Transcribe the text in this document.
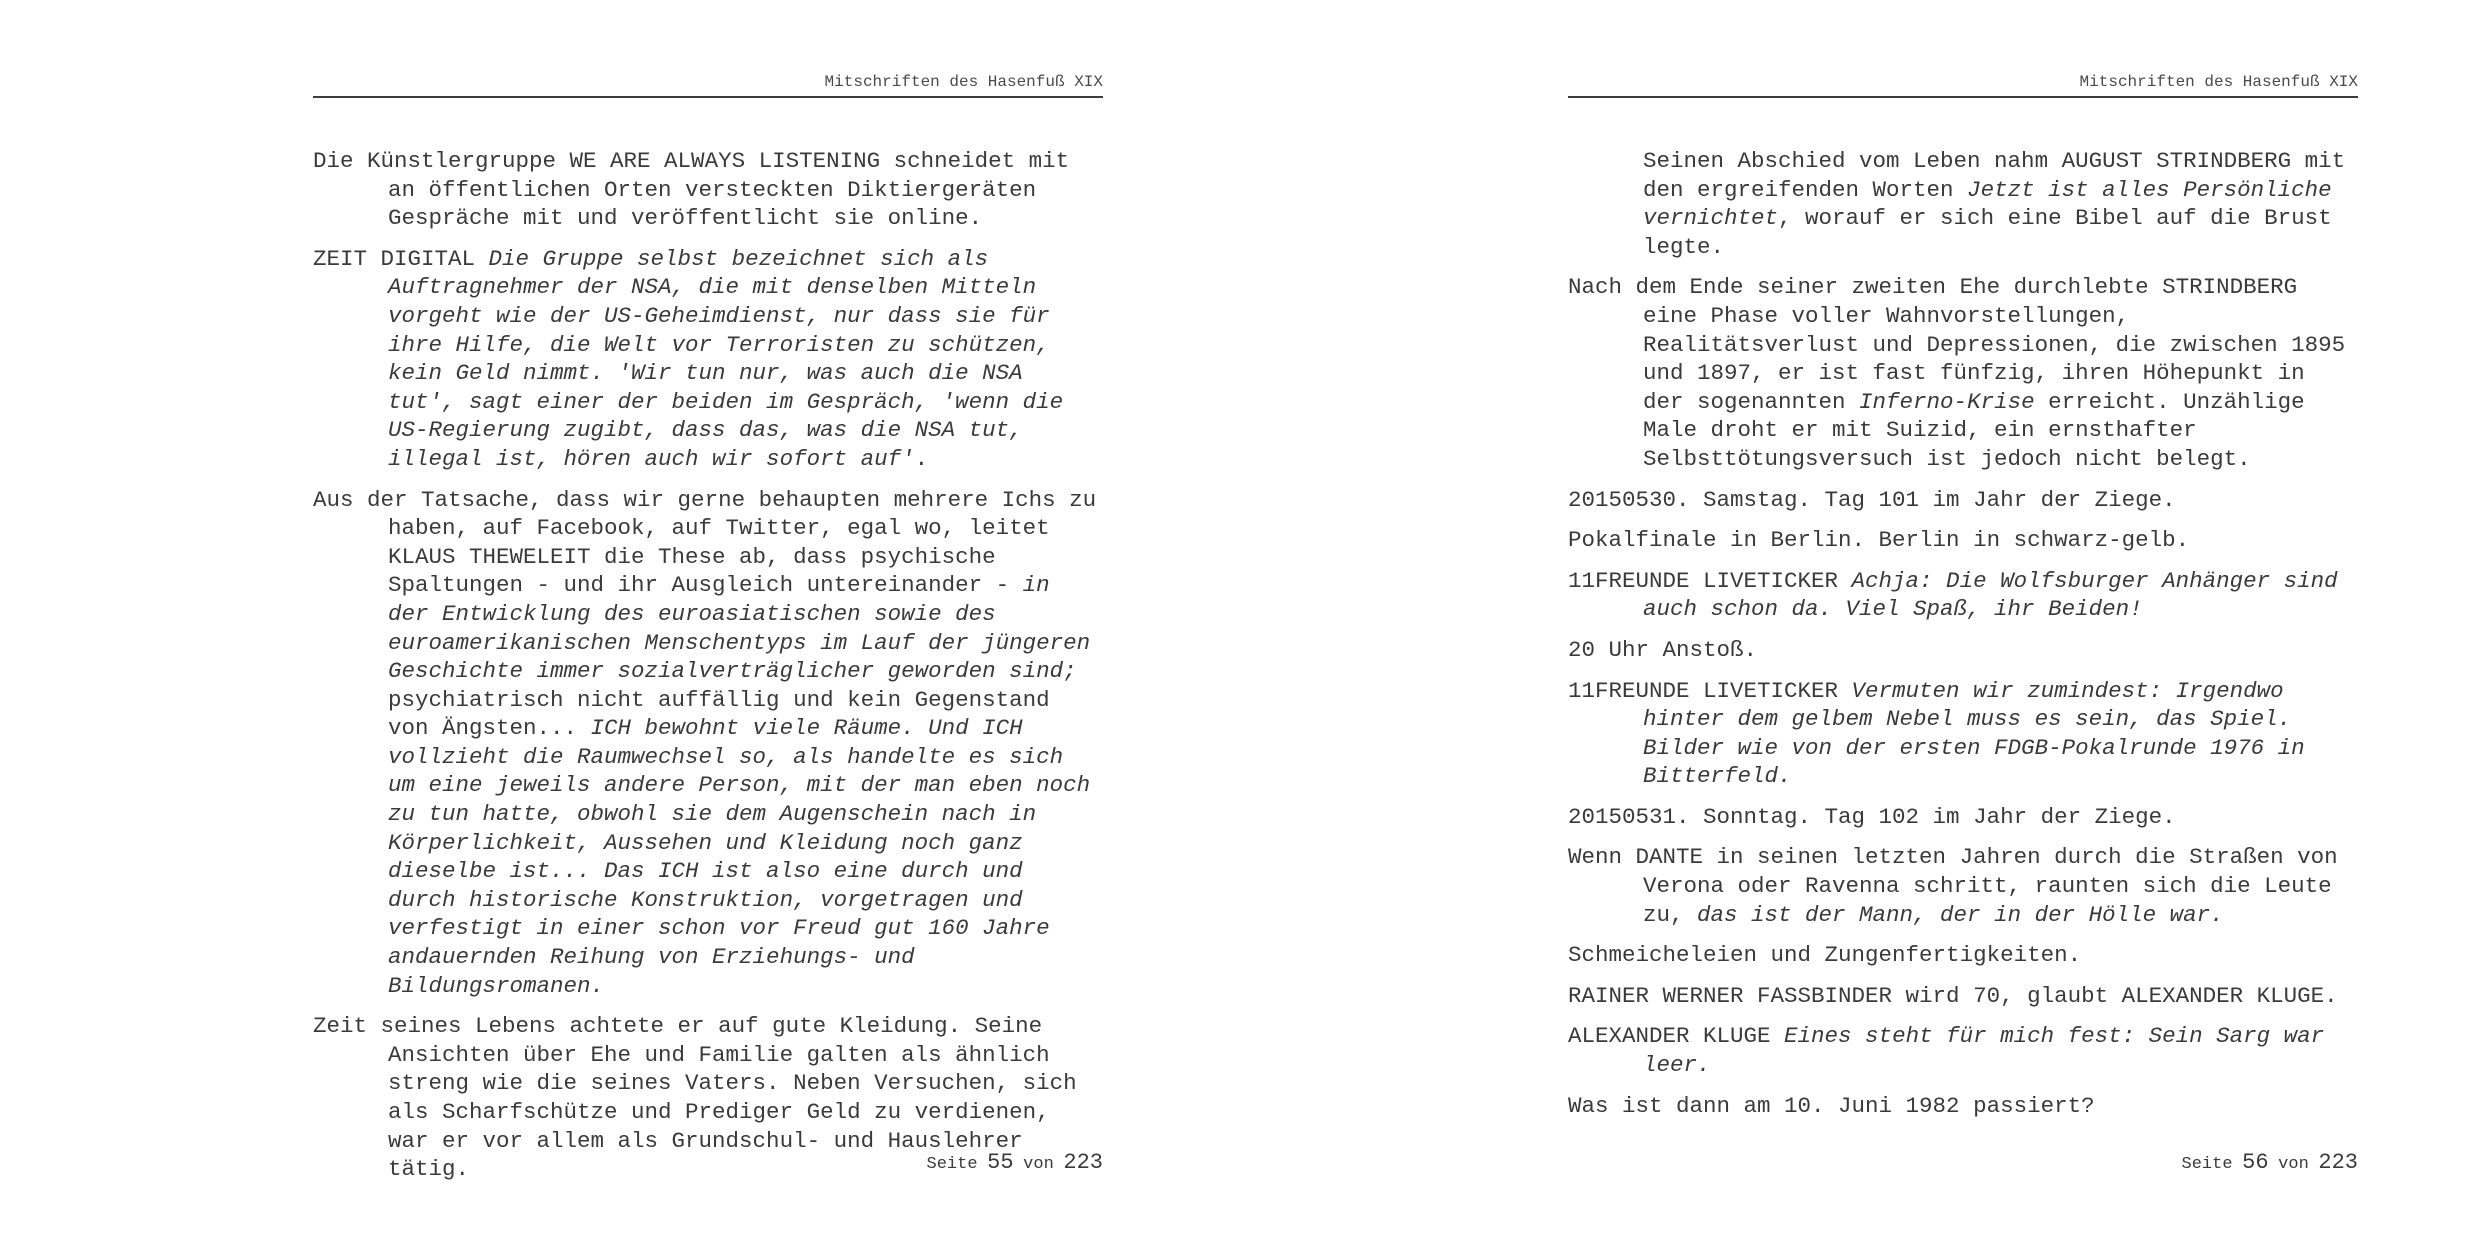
Mitschriften des Hasenfuß XIX

Die Künstlergruppe WE ARE ALWAYS LISTENING schneidet mit an öffentlichen Orten versteckten Diktiergeräten Gespräche mit und veröffentlicht sie online.

ZEIT DIGITAL Die Gruppe selbst bezeichnet sich als Auftragnehmer der NSA, die mit denselben Mitteln vorgeht wie der US-Geheimdienst, nur dass sie für ihre Hilfe, die Welt vor Terroristen zu schützen, kein Geld nimmt. 'Wir tun nur, was auch die NSA tut', sagt einer der beiden im Gespräch, 'wenn die US-Regierung zugibt, dass das, was die NSA tut, illegal ist, hören auch wir sofort auf'.

Aus der Tatsache, dass wir gerne behaupten mehrere Ichs zu haben, auf Facebook, auf Twitter, egal wo, leitet KLAUS THEWELEIT die These ab, dass psychische Spaltungen - und ihr Ausgleich untereinander - in der Entwicklung des euroasiatischen sowie des euroamerikanischen Menschentyps im Lauf der jüngeren Geschichte immer sozialverträglicher geworden sind; psychiatrisch nicht auffällig und kein Gegenstand von Ängsten... ICH bewohnt viele Räume. Und ICH vollzieht die Raumwechsel so, als handelte es sich um eine jeweils andere Person, mit der man eben noch zu tun hatte, obwohl sie dem Augenschein nach in Körperlichkeit, Aussehen und Kleidung noch ganz dieselbe ist... Das ICH ist also eine durch und durch historische Konstruktion, vorgetragen und verfestigt in einer schon vor Freud gut 160 Jahre andauernden Reihung von Erziehungs- und Bildungsromanen.

Zeit seines Lebens achtete er auf gute Kleidung. Seine Ansichten über Ehe und Familie galten als ähnlich streng wie die seines Vaters. Neben Versuchen, sich als Scharfschütze und Prediger Geld zu verdienen, war er vor allem als Grundschul- und Hauslehrer tätig.	Seite 55 von 223
Mitschriften des Hasenfuß XIX

Seinen Abschied vom Leben nahm AUGUST STRINDBERG mit den ergreifenden Worten Jetzt ist alles Persönliche vernichtet, worauf er sich eine Bibel auf die Brust legte.

Nach dem Ende seiner zweiten Ehe durchlebte STRINDBERG eine Phase voller Wahnvorstellungen, Realitätsverlust und Depressionen, die zwischen 1895 und 1897, er ist fast fünfzig, ihren Höhepunkt in der sogenannten Inferno-Krise erreicht. Unzählige Male droht er mit Suizid, ein ernsthafter Selbsttötungsversuch ist jedoch nicht belegt.

20150530. Samstag. Tag 101 im Jahr der Ziege.

Pokalfinale in Berlin. Berlin in schwarz-gelb.

11FREUNDE LIVETICKER Achja: Die Wolfsburger Anhänger sind auch schon da. Viel Spaß, ihr Beiden!

20 Uhr Anstoß.

11FREUNDE LIVETICKER Vermuten wir zumindest: Irgendwo hinter dem gelbem Nebel muss es sein, das Spiel. Bilder wie von der ersten FDGB-Pokalrunde 1976 in Bitterfeld.

20150531. Sonntag. Tag 102 im Jahr der Ziege.

Wenn DANTE in seinen letzten Jahren durch die Straßen von Verona oder Ravenna schritt, raunten sich die Leute zu, das ist der Mann, der in der Hölle war.

Schmeicheleien und Zungenfertigkeiten.

RAINER WERNER FASSBINDER wird 70, glaubt ALEXANDER KLUGE.

ALEXANDER KLUGE Eines steht für mich fest: Sein Sarg war leer.

Was ist dann am 10. Juni 1982 passiert?

Seite 56 von 223
